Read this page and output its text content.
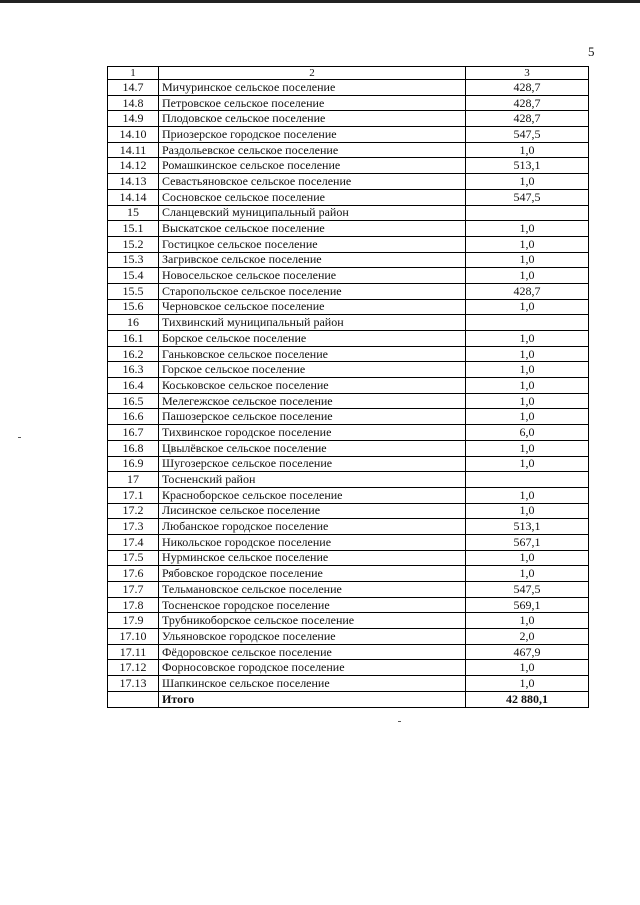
5
1	2	3
14.7	Мичуринское сельское поселение	428,7
14.8	Петровское сельское поселение	428,7
14.9	Плодовское сельское поселение	428,7
14.10	Приозерское городское поселение	547,5
14.11	Раздольевское сельское поселение	1,0
14.12	Ромашкинское сельское поселение	513,1
14.13	Севастьяновское сельское поселение	1,0
14.14	Сосновское сельское поселение	547,5
15	Сланцевский муниципальный район	
15.1	Выскатское сельское поселение	1,0
15.2	Гостицкое сельское поселение	1,0
15.3	Загривское сельское поселение	1,0
15.4	Новосельское сельское поселение	1,0
15.5	Старопольское сельское поселение	428,7
15.6	Черновское сельское поселение	1,0
16	Тихвинский муниципальный район	
16.1	Борское сельское поселение	1,0
16.2	Ганьковское сельское поселение	1,0
16.3	Горское сельское поселение	1,0
16.4	Коськовское сельское поселение	1,0
16.5	Мелегежское сельское поселение	1,0
16.6	Пашозерское сельское поселение	1,0
16.7	Тихвинское городское поселение	6,0
16.8	Цвылёвское сельское поселение	1,0
16.9	Шугозерское сельское поселение	1,0
17	Тосненский район	
17.1	Красноборское сельское поселение	1,0
17.2	Лисинское сельское поселение	1,0
17.3	Любанское городское поселение	513,1
17.4	Никольское городское поселение	567,1
17.5	Нурминское сельское поселение	1,0
17.6	Рябовское городское поселение	1,0
17.7	Тельмановское сельское поселение	547,5
17.8	Тосненское городское поселение	569,1
17.9	Трубникоборское сельское поселение	1,0
17.10	Ульяновское городское поселение	2,0
17.11	Фёдоровское сельское поселение	467,9
17.12	Форносовское городское поселение	1,0
17.13	Шапкинское сельское поселение	1,0
	Итого	42 880,1
